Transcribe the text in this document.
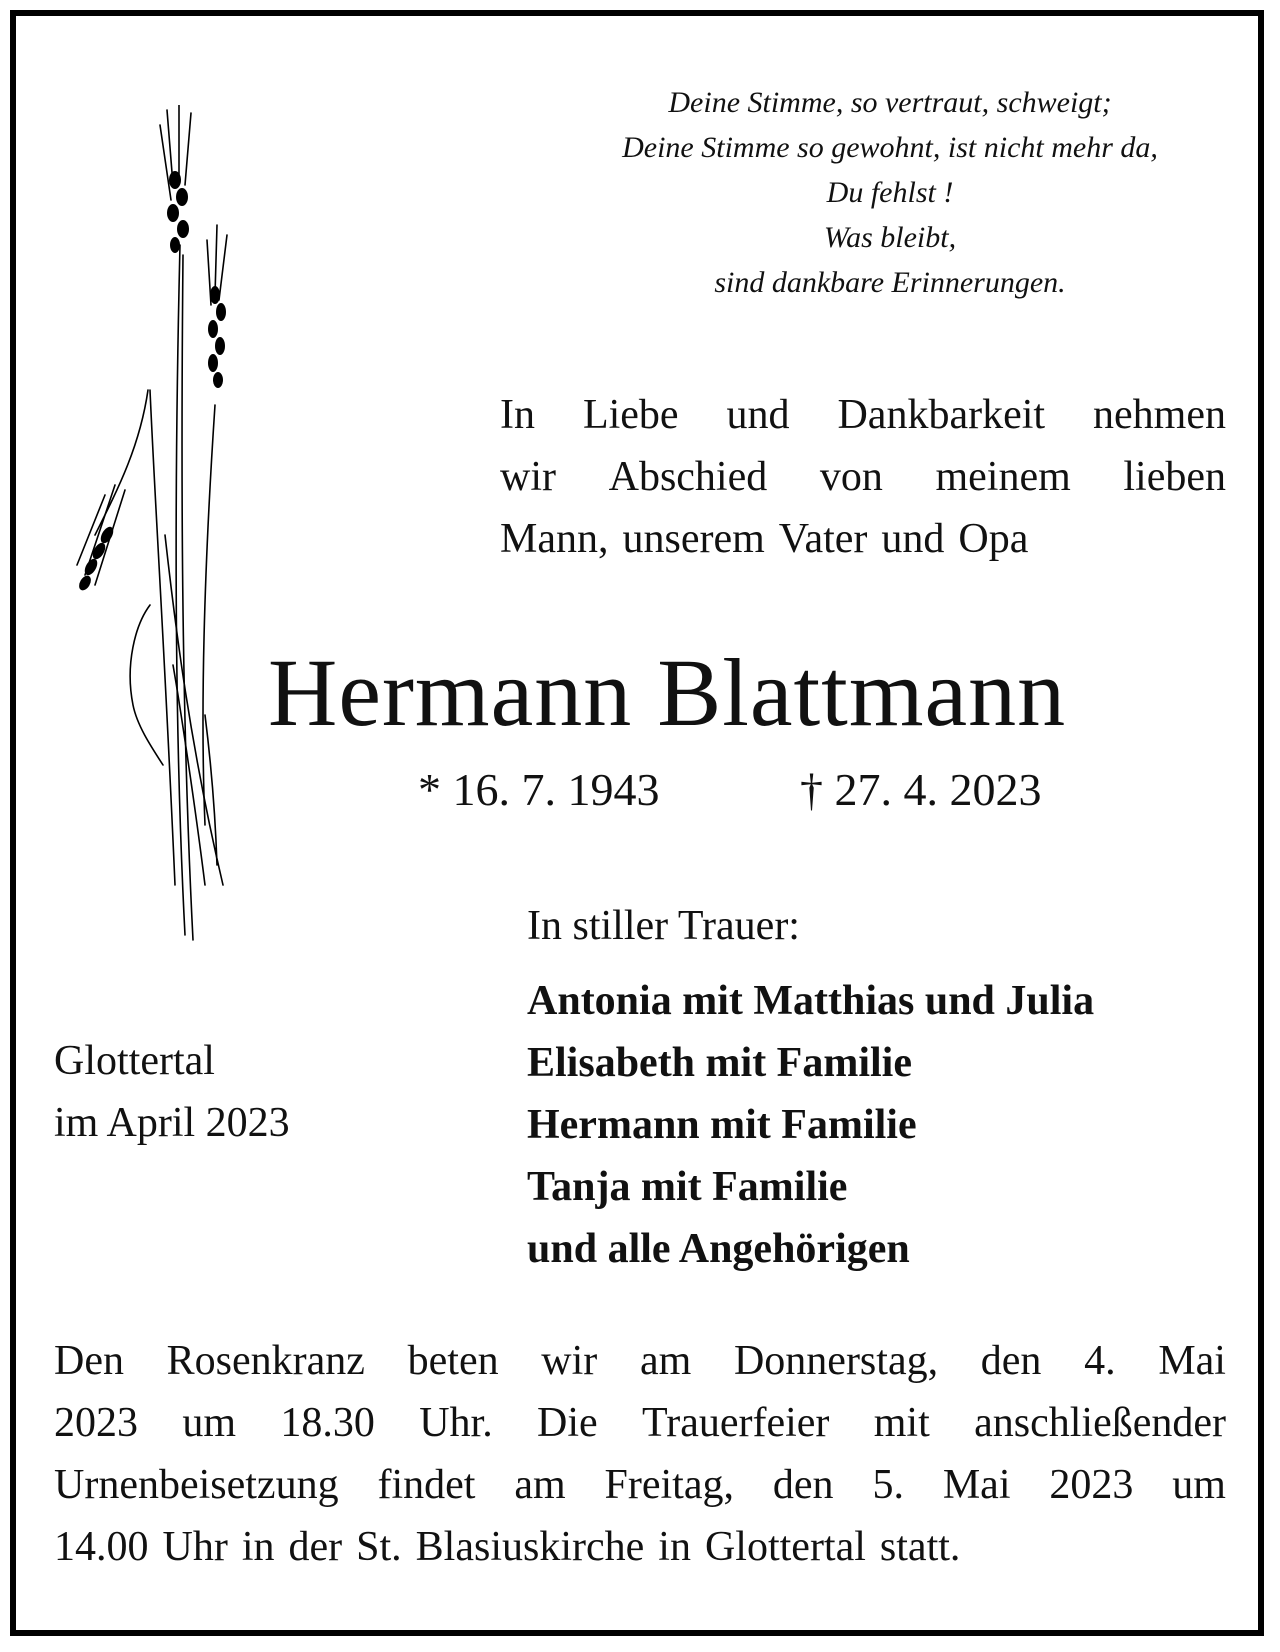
Deine Stimme, so vertraut, schweigt;
Deine Stimme so gewohnt, ist nicht mehr da,
Du fehlst !
Was bleibt,
sind dankbare Erinnerungen.
In Liebe und Dankbarkeit nehmen
wir Abschied von meinem lieben
Mann, unserem Vater und Opa
Hermann Blattmann
* 16. 7. 1943	† 27. 4. 2023
In stiller Trauer:
Antonia mit Matthias und Julia
Elisabeth mit Familie
Hermann mit Familie
Tanja mit Familie
und alle Angehörigen
Glottertal
im April 2023
Den Rosenkranz beten wir am Donnerstag, den 4. Mai
2023 um 18.30 Uhr. Die Trauerfeier mit anschließender
Urnenbeisetzung findet am Freitag, den 5. Mai 2023 um
14.00 Uhr in der St. Blasiuskirche in Glottertal statt.
